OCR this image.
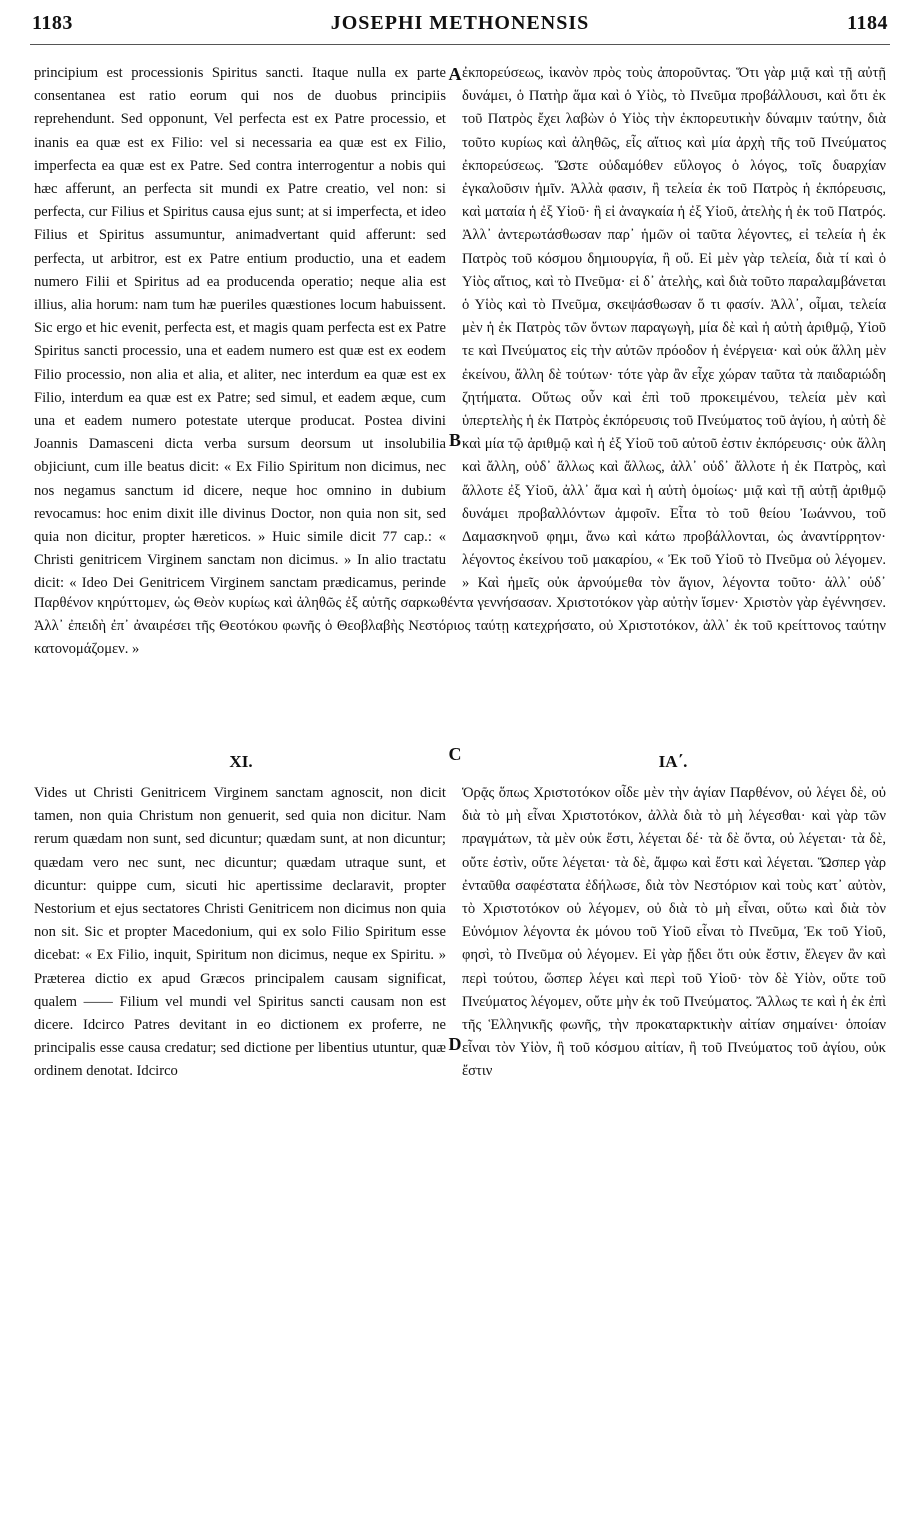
1183	JOSEPHI METHONENSIS	1184

principium est processionis Spiritus sancti. Itaque nulla ex parte consentanea est ratio eorum qui nos de duobus principiis reprehendunt. Sed opponunt, Vel perfecta est ex Patre processio, et inanis ea quæ est ex Filio: vel si necessaria ea quæ est ex Filio, imperfecta ea quæ est ex Patre. Sed contra interrogentur a nobis qui hæc afferunt, an perfecta sit mundi ex Patre creatio, vel non: si perfecta, cur Filius et Spiritus causa ejus sunt; at si imperfecta, et ideo Filius et Spiritus assumuntur, animadvertant quid afferunt: sed perfecta, ut arbitror, est ex Patre entium productio, una et eadem numero Filii et Spiritus ad ea producenda operatio; neque alia est illius, alia horum: nam tum hæ pueriles quæstiones locum habuissent. Sic ergo et hic evenit, perfecta est, et magis quam perfecta est ex Patre Spiritus sancti processio, una et eadem numero est quæ est ex eodem Filio processio, non alia et alia, et aliter, nec interdum ea quæ est ex Filio, interdum ea quæ est ex Patre; sed simul, et eadem æque, cum una et eadem numero potestate uterque producat. Postea divini Joannis Damasceni dicta verba sursum deorsum ut insolubilia objiciunt, cum ille beatus dicit: « Ex Filio Spiritum non dicimus, nec nos negamus sanctum id dicere, neque hoc omnino in dubium revocamus: hoc enim dixit ille divinus Doctor, non quia non sit, sed quia non dicitur, propter hæreticos. » Huic simile dicit 77 cap.: « Christi genitricem Virginem sanctam non dicimus. » In alio tractatu dicit: « Ideo Dei Genitricem Virginem sanctam prædicamus, perinde

A
B
C
D

ἐκπορεύσεως, ἱκανὸν πρὸς τοὺς ἀποροῦντας. Ὅτι γὰρ μιᾷ καὶ τῇ αὐτῇ δυνάμει, ὁ Πατὴρ ἅμα καὶ ὁ Υἱὸς, τὸ Πνεῦμα προβάλλουσι, καὶ ὅτι ἐκ τοῦ Πατρὸς ἔχει λαβὼν ὁ Υἱὸς τὴν ἐκπορευτικὴν δύναμιν ταύτην, διὰ τοῦτο κυρίως καὶ ἀληθῶς, εἷς αἴτιος καὶ μία ἀρχὴ τῆς τοῦ Πνεύματος ἐκπορεύσεως. Ὥστε οὐδαμόθεν εὔλογος ὁ λόγος, τοῖς δυαρχίαν ἐγκαλοῦσιν ἡμῖν. Ἀλλὰ φασιν, ἢ τελεία ἐκ τοῦ Πατρὸς ἡ ἐκπόρευσις, καὶ ματαία ἡ ἐξ Υἱοῦ· ἢ εἰ ἀναγκαία ἡ ἐξ Υἱοῦ, ἀτελὴς ἡ ἐκ τοῦ Πατρός. Ἀλλ᾽ ἀντερωτάσθωσαν παρ᾽ ἡμῶν οἱ ταῦτα λέγοντες, εἰ τελεία ἡ ἐκ Πατρὸς τοῦ κόσμου δημιουργία, ἢ οὔ. Εἰ μὲν γὰρ τελεία, διὰ τί καὶ ὁ Υἱὸς αἴτιος, καὶ τὸ Πνεῦμα· εἰ δ᾽ ἀτελὴς, καὶ διὰ τοῦτο παραλαμβάνεται ὁ Υἱὸς καὶ τὸ Πνεῦμα, σκεψάσθωσαν ὅ τι φασίν. Ἀλλ᾽, οἶμαι, τελεία μὲν ἡ ἐκ Πατρὸς τῶν ὄντων παραγωγὴ, μία δὲ καὶ ἡ αὐτὴ ἀριθμῷ, Υἱοῦ τε καὶ Πνεύματος εἰς τὴν αὐτῶν πρόοδον ἡ ἐνέργεια· καὶ οὐκ ἄλλη μὲν ἐκείνου, ἄλλη δὲ τούτων· τότε γὰρ ἂν εἶχε χώραν ταῦτα τὰ παιδαριώδη ζητήματα. Οὕτως οὖν καὶ ἐπὶ τοῦ προκειμένου, τελεία μὲν καὶ ὑπερτελὴς ἡ ἐκ Πατρὸς ἐκπόρευσις τοῦ Πνεύματος τοῦ ἁγίου, ἡ αὐτὴ δὲ καὶ μία τῷ ἀριθμῷ καὶ ἡ ἐξ Υἱοῦ τοῦ αὐτοῦ ἐστιν ἐκπόρευσις· οὐκ ἄλλη καὶ ἄλλη, οὐδ᾽ ἄλλως καὶ ἄλλως, ἀλλ᾽ οὐδ᾽ ἄλλοτε ἡ ἐκ Πατρὸς, καὶ ἄλλοτε ἐξ Υἱοῦ, ἀλλ᾽ ἅμα καὶ ἡ αὐτὴ ὁμοίως· μιᾷ καὶ τῇ αὐτῇ ἀριθμῷ δυνάμει προβαλλόντων ἀμφοῖν. Εἶτα τὸ τοῦ θείου Ἰωάννου, τοῦ Δαμασκηνοῦ φημι, ἄνω καὶ κάτω προβάλλονται, ὡς ἀναντίρρητον· λέγοντος ἐκείνου τοῦ μακαρίου, « Ἐκ τοῦ Υἱοῦ τὸ Πνεῦμα οὐ λέγομεν. » Καὶ ἡμεῖς οὐκ ἀρνούμεθα τὸν ἅγιον, λέγοντα τοῦτο· ἀλλ᾽ οὐδ᾽

Παρθένον κηρύττομεν, ὡς Θεὸν κυρίως καὶ ἀληθῶς ἐξ αὐτῆς σαρκωθέντα γεννήσασαν. Χριστοτόκον γὰρ αὐτὴν ἴσμεν· Χριστὸν γὰρ ἐγέννησεν. Ἀλλ᾽ ἐπειδὴ ἐπ᾽ ἀναιρέσει τῆς Θεοτόκου φωνῆς ὁ Θεοβλαβὴς Νεστόριος ταύτῃ κατεχρήσατο, οὐ Χριστοτόκον, ἀλλ᾽ ἐκ τοῦ κρείττονος ταύτην κατονομάζομεν. »

XI.	ΙΑ΄.

Vides ut Christi Genitricem Virginem sanctam agnoscit, non dicit tamen, non quia Christum non genuerit, sed quia non dicitur. Nam rerum quædam non sunt, sed dicuntur; quædam sunt, at non dicuntur; quædam vero nec sunt, nec dicuntur; quædam utraque sunt, et dicuntur: quippe cum, sicuti hic apertissime declaravit, propter Nestorium et ejus sectatores Christi Genitricem non dicimus non quia non sit. Sic et propter Macedonium, qui ex solo Filio Spiritum esse dicebat: « Ex Filio, inquit, Spiritum non dicimus, neque ex Spiritu. » Præterea dictio ex apud Græcos principalem causam significat, qualem —— Filium vel mundi vel Spiritus sancti causam non est dicere. Idcirco Patres devitant in eo dictionem ex proferre, ne principalis esse causa credatur; sed dictione per libentius utuntur, quæ ordinem denotat. Idcirco

Ὁρᾷς ὅπως Χριστοτόκον οἶδε μὲν τὴν ἁγίαν Παρθένον, οὐ λέγει δὲ, οὐ διὰ τὸ μὴ εἶναι Χριστοτόκον, ἀλλὰ διὰ τὸ μὴ λέγεσθαι· καὶ γὰρ τῶν πραγμάτων, τὰ μὲν οὐκ ἔστι, λέγεται δέ· τὰ δὲ ὄντα, οὐ λέγεται· τὰ δὲ, οὔτε ἐστὶν, οὔτε λέγεται· τὰ δὲ, ἄμφω καὶ ἔστι καὶ λέγεται. Ὥσπερ γὰρ ἐνταῦθα σαφέστατα ἐδήλωσε, διὰ τὸν Νεστόριον καὶ τοὺς κατ᾽ αὐτὸν, τὸ Χριστοτόκον οὐ λέγομεν, οὐ διὰ τὸ μὴ εἶναι, οὕτω καὶ διὰ τὸν Εὐνόμιον λέγοντα ἐκ μόνου τοῦ Υἱοῦ εἶναι τὸ Πνεῦμα, Ἐκ τοῦ Υἱοῦ, φησὶ, τὸ Πνεῦμα οὐ λέγομεν. Εἰ γὰρ ᾔδει ὅτι οὐκ ἔστιν, ἔλεγεν ἂν καὶ περὶ τούτου, ὥσπερ λέγει καὶ περὶ τοῦ Υἱοῦ· τὸν δὲ Υἱὸν, οὔτε τοῦ Πνεύματος λέγομεν, οὔτε μὴν ἐκ τοῦ Πνεύματος. Ἄλλως τε καὶ ἡ ἐκ ἐπὶ τῆς Ἑλληνικῆς φωνῆς, τὴν προκαταρκτικὴν αἰτίαν σημαίνει· ὁποίαν εἶναι τὸν Υἱὸν, ἢ τοῦ κόσμου αἰτίαν, ἢ τοῦ Πνεύματος τοῦ ἁγίου, οὐκ ἔστιν
